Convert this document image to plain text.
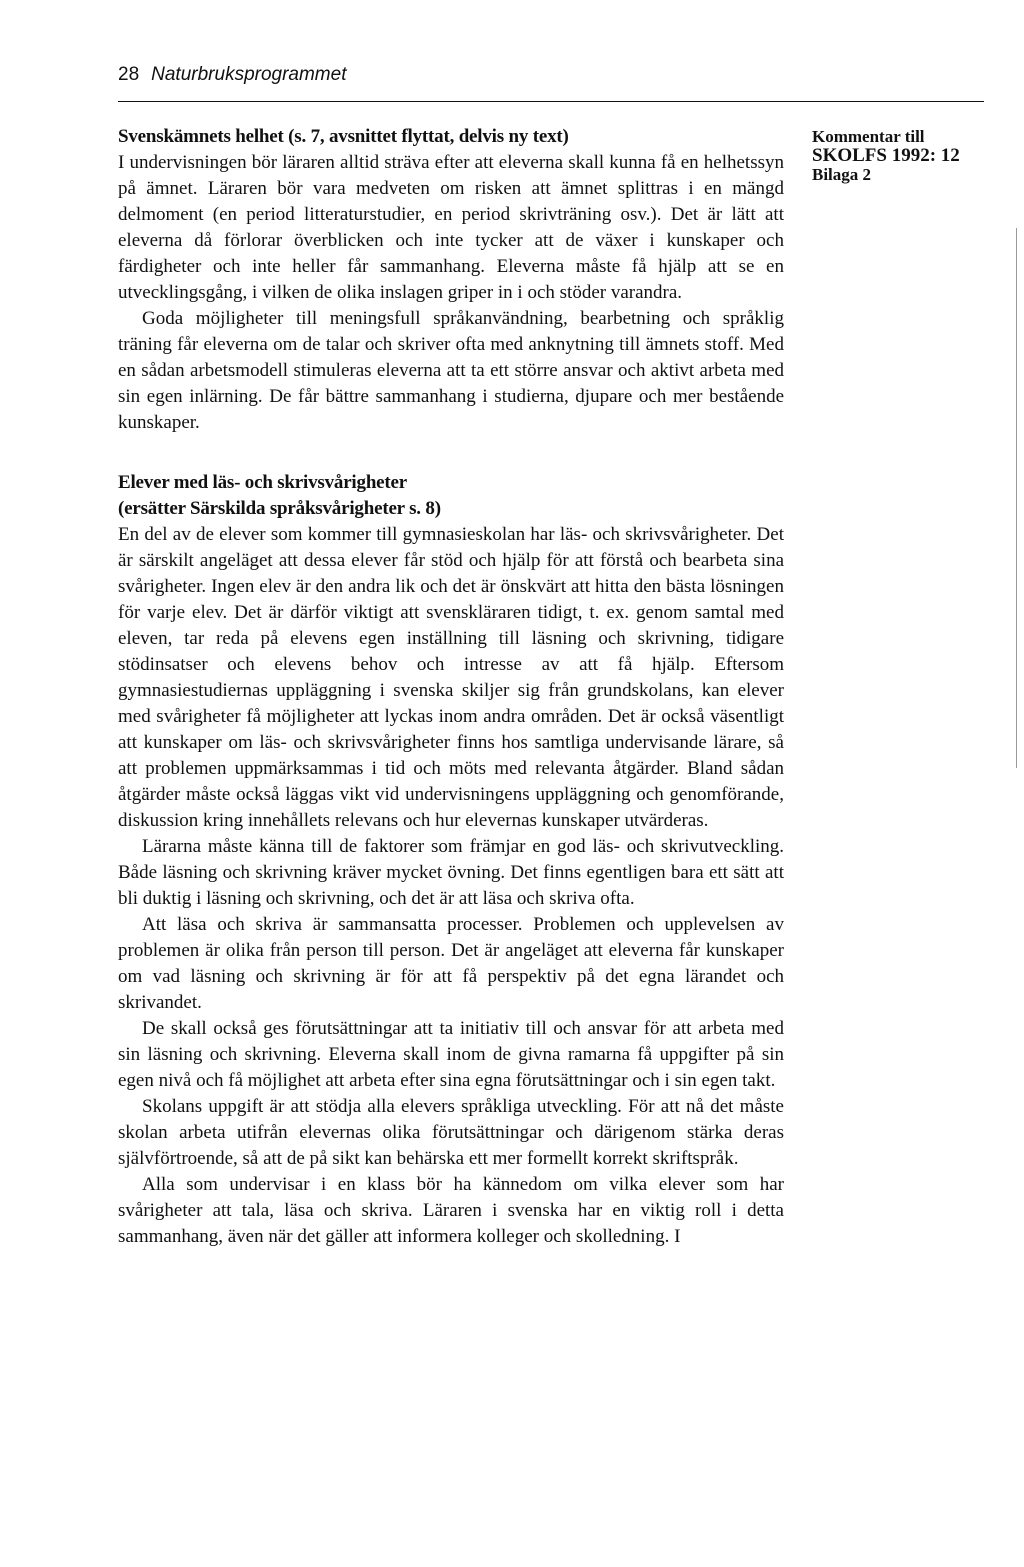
28 Naturbruksprogrammet
Kommentar till
SKOLFS 1992: 12
Bilaga 2

Svenskämnets helhet (s. 7, avsnittet flyttat, delvis ny text)

I undervisningen bör läraren alltid sträva efter att eleverna skall kunna få en helhetssyn på ämnet. Läraren bör vara medveten om risken att ämnet splittras i en mängd delmoment (en period litteraturstudier, en period skrivträning osv.). Det är lätt att eleverna då förlorar överblicken och inte tycker att de växer i kunskaper och färdigheter och inte heller får sammanhang. Eleverna måste få hjälp att se en utvecklingsgång, i vilken de olika inslagen griper in i och stöder varandra.

Goda möjligheter till meningsfull språkanvändning, bearbetning och språklig träning får eleverna om de talar och skriver ofta med anknytning till ämnets stoff. Med en sådan arbetsmodell stimuleras eleverna att ta ett större ansvar och aktivt arbeta med sin egen inlärning. De får bättre sammanhang i studierna, djupare och mer bestående kunskaper.

Elever med läs- och skrivsvårigheter
(ersätter Särskilda språksvårigheter s. 8)

En del av de elever som kommer till gymnasieskolan har läs- och skrivsvårigheter. Det är särskilt angeläget att dessa elever får stöd och hjälp för att förstå och bearbeta sina svårigheter. Ingen elev är den andra lik och det är önskvärt att hitta den bästa lösningen för varje elev. Det är därför viktigt att svenskläraren tidigt, t. ex. genom samtal med eleven, tar reda på elevens egen inställning till läsning och skrivning, tidigare stödinsatser och elevens behov och intresse av att få hjälp. Eftersom gymnasiestudiernas uppläggning i svenska skiljer sig från grundskolans, kan elever med svårigheter få möjligheter att lyckas inom andra områden. Det är också väsentligt att kunskaper om läs- och skrivsvårigheter finns hos samtliga undervisande lärare, så att problemen uppmärksammas i tid och möts med relevanta åtgärder. Bland sådan åtgärder måste också läggas vikt vid undervisningens uppläggning och genomförande, diskussion kring innehållets relevans och hur elevernas kunskaper utvärderas.

Lärarna måste känna till de faktorer som främjar en god läs- och skrivutveckling. Både läsning och skrivning kräver mycket övning. Det finns egentligen bara ett sätt att bli duktig i läsning och skrivning, och det är att läsa och skriva ofta.

Att läsa och skriva är sammansatta processer. Problemen och upplevelsen av problemen är olika från person till person. Det är angeläget att eleverna får kunskaper om vad läsning och skrivning är för att få perspektiv på det egna lärandet och skrivandet.

De skall också ges förutsättningar att ta initiativ till och ansvar för att arbeta med sin läsning och skrivning. Eleverna skall inom de givna ramarna få uppgifter på sin egen nivå och få möjlighet att arbeta efter sina egna förutsättningar och i sin egen takt.

Skolans uppgift är att stödja alla elevers språkliga utveckling. För att nå det måste skolan arbeta utifrån elevernas olika förutsättningar och därigenom stärka deras självförtroende, så att de på sikt kan behärska ett mer formellt korrekt skriftspråk.

Alla som undervisar i en klass bör ha kännedom om vilka elever som har svårigheter att tala, läsa och skriva. Läraren i svenska har en viktig roll i detta sammanhang, även när det gäller att informera kolleger och skolledning. I
